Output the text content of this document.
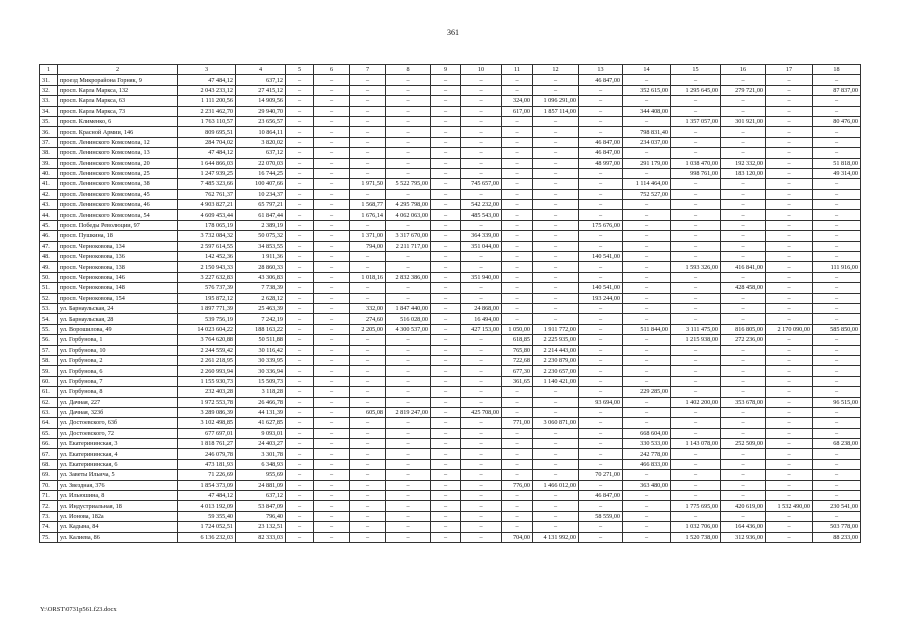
361
1	2	3	4	5	6	7	8	9	10	11	12	13	14	15	16	17	18
31.	проезд Микрорайона Горняк, 9	47 484,12	637,12	–	–	–	–	–	–	–	–	46 847,00	–	–	–	–	–
32.	просп. Карла Маркса, 132	2 043 233,12	27 415,12	–	–	–	–	–	–	–	–	–	352 615,00	1 295 645,00	279 721,00	–	87 837,00
33.	просп. Карла Маркса, 63	1 111 200,56	14 909,56	–	–	–	–	–	–	324,00	1 096 291,00	–	–	–	–	–	–
34.	просп. Карла Маркса, 73	2 231 462,70	29 940,70	–	–	–	–	–	–	617,00	1 857 114,00	–	344 408,00	–	–	–	–
35.	просп. Клименко, 6	1 763 110,57	23 656,57	–	–	–	–	–	–	–	–	–	–	1 357 057,00	301 921,00	–	80 476,00
36.	просп. Красной Армии, 146	809 695,51	10 864,11	–	–	–	–	–	–	–	–	–	798 831,40	–	–	–	–
37.	просп. Ленинского Комсомола, 12	284 704,02	3 820,02	–	–	–	–	–	–	–	–	46 847,00	234 037,00	–	–	–	–
38.	просп. Ленинского Комсомола, 13	47 484,12	637,12	–	–	–	–	–	–	–	–	46 847,00	–	–	–	–	–
39.	просп. Ленинского Комсомола, 20	1 644 866,03	22 070,03	–	–	–	–	–	–	–	–	48 997,00	291 179,00	1 038 470,00	192 332,00	–	51 818,00
40.	просп. Ленинского Комсомола, 25	1 247 939,25	16 744,25	–	–	–	–	–	–	–	–	–	–	998 761,00	183 120,00	–	49 314,00
41.	просп. Ленинского Комсомола, 38	7 485 323,66	100 407,66	–	–	1 971,50	5 522 795,00	–	745 657,00	–	–	–	1 114 464,00	–	–	–	–
42.	просп. Ленинского Комсомола, 45	762 761,37	10 234,37	–	–	–	–	–	–	–	–	–	752 527,00	–	–	–	–
43.	просп. Ленинского Комсомола, 46	4 903 827,21	65 797,21	–	–	1 568,77	4 295 798,00	–	542 232,00	–	–	–	–	–	–	–	–
44.	просп. Ленинского Комсомола, 54	4 609 453,44	61 847,44	–	–	1 676,14	4 062 063,00	–	485 543,00	–	–	–	–	–	–	–	–
45.	просп. Победы Революции, 97	178 065,19	2 389,19	–	–	–	–	–	–	–	–	175 676,00	–	–	–	–	–
46.	просп. Пушкина, 18	3 732 084,32	50 075,32	–	–	1 371,00	3 317 670,00	–	364 339,00	–	–	–	–	–	–	–	–
47.	просп. Черноковова, 134	2 597 614,55	34 853,55	–	–	794,00	2 211 717,00	–	351 044,00	–	–	–	–	–	–	–	–
48.	просп. Черноковова, 136	142 452,36	1 911,36	–	–	–	–	–	–	–	–	140 541,00	–	–	–	–	–
49.	просп. Черноковова, 138	2 150 943,33	28 860,33	–	–	–	–	–	–	–	–	–	–	1 593 326,00	416 841,00	–	111 916,00
50.	просп. Черноковова, 146	3 227 632,83	43 306,83	–	–	1 018,16	2 832 386,00	–	351 940,00	–	–	–	–	–	–	–	–
51.	просп. Черноковова, 148	576 737,39	7 738,39	–	–	–	–	–	–	–	–	140 541,00	–	–	428 458,00	–	–
52.	просп. Черноковова, 154	195 872,12	2 628,12	–	–	–	–	–	–	–	–	193 244,00	–	–	–	–	–
53.	ул. Барнаульская, 24	1 897 771,39	25 463,39	–	–	332,00	1 847 440,00	–	24 868,00	–	–	–	–	–	–	–	–
54.	ул. Барнаульская, 28	539 756,19	7 242,19	–	–	274,60	516 028,00	–	16 494,00	–	–	–	–	–	–	–	–
55.	ул. Ворошилова, 49	14 023 604,22	188 163,22	–	–	2 205,00	4 300 537,00	–	427 153,00	1 050,00	1 911 772,00	–	511 844,00	3 111 475,00	816 805,00	2 170 090,00	585 850,00
56.	ул. Горбунова, 1	3 764 620,88	50 511,88	–	–	–	–	–	–	618,85	2 225 935,00	–	–	1 215 938,00	272 236,00	–	–
57.	ул. Горбунова, 10	2 244 559,42	30 116,42	–	–	–	–	–	–	765,80	2 214 443,00	–	–	–	–	–	–
58.	ул. Горбунова, 2	2 261 218,95	30 339,95	–	–	–	–	–	–	722,68	2 230 879,00	–	–	–	–	–	–
59.	ул. Горбунова, 6	2 260 993,94	30 336,94	–	–	–	–	–	–	677,30	2 230 657,00	–	–	–	–	–	–
60.	ул. Горбунова, 7	1 155 930,73	15 509,73	–	–	–	–	–	–	361,65	1 140 421,00	–	–	–	–	–	–
61.	ул. Горбунова, 8	232 403,28	3 118,28	–	–	–	–	–	–	–	–	–	229 285,00	–	–	–	–
62.	ул. Дачная, 227	1 972 553,78	26 466,78	–	–	–	–	–	–	–	–	93 694,00	–	1 402 200,00	353 678,00	–	96 515,00
63.	ул. Дачная, 323б	3 289 086,39	44 131,39	–	–	605,08	2 819 247,00	–	425 708,00	–	–	–	–	–	–	–	–
64.	ул. Достоевского, 63б	3 102 498,85	41 627,85	–	–	–	–	–	–	771,00	3 060 871,00	–	–	–	–	–	–
65.	ул. Достоевского, 72	677 697,01	9 093,01	–	–	–	–	–	–	–	–	–	668 604,00	–	–	–	–
66.	ул. Екатерининская, 3	1 818 761,27	24 403,27	–	–	–	–	–	–	–	–	–	330 533,00	1 143 078,00	252 509,00	–	68 238,00
67.	ул. Екатерининская, 4	246 079,78	3 301,78	–	–	–	–	–	–	–	–	–	242 778,00	–	–	–	–
68.	ул. Екатерининская, 6	473 181,93	6 348,93	–	–	–	–	–	–	–	–	–	466 833,00	–	–	–	–
69.	ул. Заветы Ильича, 5	71 226,69	955,69	–	–	–	–	–	–	–	–	70 271,00	–	–	–	–	–
70.	ул. Звездная, 376	1 854 373,09	24 881,09	–	–	–	–	–	–	776,00	1 466 012,00	–	363 480,00	–	–	–	–
71.	ул. Ильюшина, 8	47 484,12	637,12	–	–	–	–	–	–	–	–	46 847,00	–	–	–	–	–
72.	ул. Индустриальная, 18	4 013 192,09	53 847,09	–	–	–	–	–	–	–	–	–	–	1 775 695,00	420 619,00	1 532 490,00	230 541,00
73.	ул. Ионова, 182а	59 355,40	796,40	–	–	–	–	–	–	–	–	58 559,00	–	–	–	–	–
74.	ул. Кадына, 84	1 724 052,51	23 132,51	–	–	–	–	–	–	–	–	–	–	1 032 706,00	164 436,00	–	503 778,00
75.	ул. Калиева, 86	6 136 232,03	82 333,03	–	–	–	–	–	–	704,00	4 131 992,00	–	–	1 520 738,00	312 936,00	–	88 233,00
Y:\ORST\0731p561.f23.docx
